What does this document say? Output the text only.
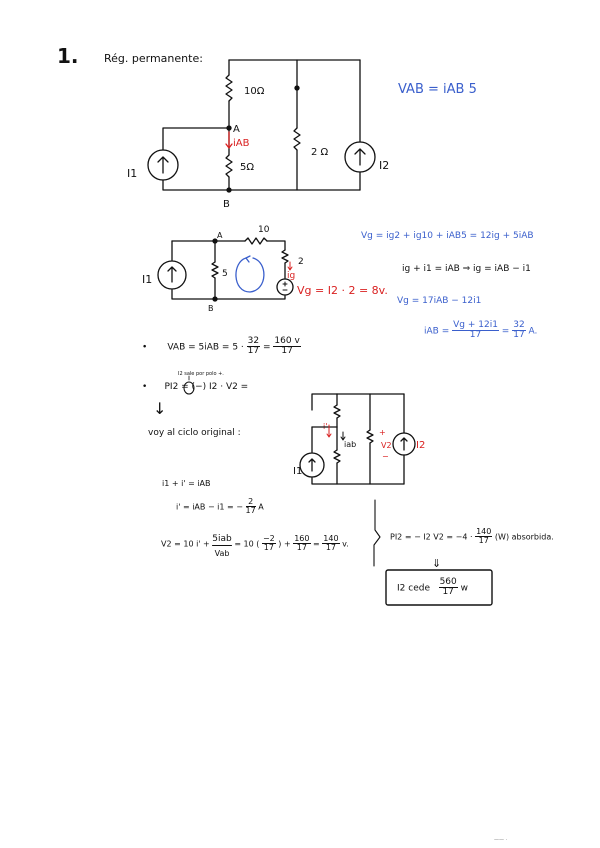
1. Rég. permanente:
10Ω
A
iAB
5Ω
2 Ω
B
I1
I2
VAB = iAB 5
A
10
5
2
ig
I1
B
Vg = I2 · 2 = 8v.
Vg = ig2 + ig10 + iAB5 = 12ig + 5iAB
ig + i1 = iAB ⇒ ig = iAB − i1
Vg = 17iAB − 12i1
iAB = $\frac{Vg + 12i1}{17} = \frac{32}{17} A$.
• VAB = $5iAB = 5 \cdot \frac{32}{17} = \frac{160 v}{17}$
• PI2 = (−) I2 · V2 =
I2 sale por polo +.
↓
voy al ciclo original :
i'
iab
+
V2
−
I2
I1
i1 + i' = iAB
i' = iAB − i1 = − $\frac{2}{17}$ A
V2 = 10 i' + 5iab
Vab
= 10 ( $\frac{-2}{17}$ ) + $\frac{160}{17} = \frac{140}{17} v$.
PI2 = − I2 $V2 = -4 \cdot \frac{140}{17} (W)$ absorbida.
⇓
I2 cede $\frac{560}{17}$ w
—— ·
